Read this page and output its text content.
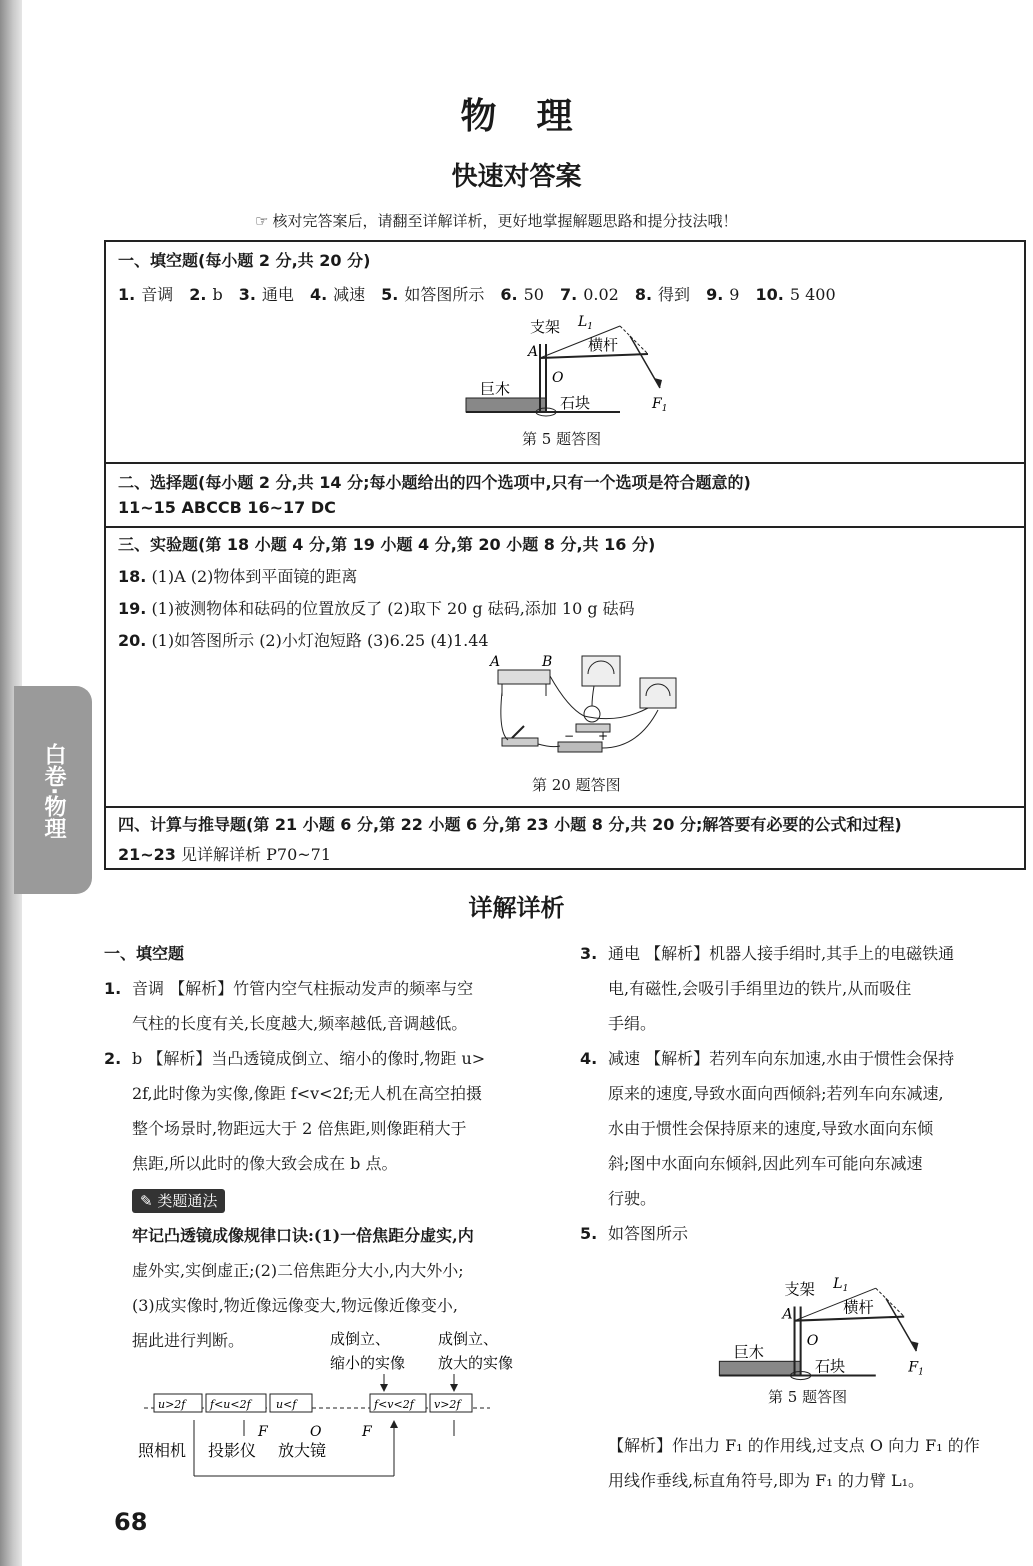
白卷·物理
物理
快速对答案
☞ 核对完答案后，请翻至详解详析，更好地掌握解题思路和提分技法哦！
一、填空题(每小题 2 分,共 20 分)
1. 音调 2. b 3. 通电 4. 减速 5. 如答图所示 6. 50 7. 0.02 8. 得到 9. 9 10. 5 400
支架 $L_1$
A	横杆
O
巨木
石块	$F_1$
第 5 题答图
二、选择题(每小题 2 分,共 14 分;每小题给出的四个选项中,只有一个选项是符合题意的)
11~15 ABCCB 16~17 DC
三、实验题(第 18 小题 4 分,第 19 小题 4 分,第 20 小题 8 分,共 16 分)
18. (1)A (2)物体到平面镜的距离
19. (1)被测物体和砝码的位置放反了 (2)取下 20 g 砝码,添加 10 g 砝码
20. (1)如答图所示 (2)小灯泡短路 (3)6.25 (4)1.44
A	B
− +
第 20 题答图
四、计算与推导题(第 21 小题 6 分,第 22 小题 6 分,第 23 小题 8 分,共 20 分;解答要有必要的公式和过程)
21~23 见详解详析 P70~71
详解详析
一、填空题
1. 音调 【解析】竹管内空气柱振动发声的频率与空
气柱的长度有关,长度越大,频率越低,音调越低。
2. b 【解析】当凸透镜成倒立、缩小的像时,物距 u>
2f,此时像为实像,像距 f<v<2f;无人机在高空拍摄
整个场景时,物距远大于 2 倍焦距,则像距稍大于
焦距,所以此时的像大致会成在 b 点。
✎ 类题通法
牢记凸透镜成像规律口诀:(1)一倍焦距分虚实,内
虚外实,实倒虚正;(2)二倍焦距分大小,内大外小;
(3)成实像时,物近像远像变大,物远像近像变小,
据此进行判断。	成倒立、
缩小的实像
成倒立、
放大的实像
u>2f f<u<2f u<f	f<v<2f v>2f
F	O	F
照相机 投影仪 放大镜
3. 通电 【解析】机器人接手绢时,其手上的电磁铁通
电,有磁性,会吸引手绢里边的铁片,从而吸住
手绢。
4. 减速 【解析】若列车向东加速,水由于惯性会保持
原来的速度,导致水面向西倾斜;若列车向东减速,
水由于惯性会保持原来的速度,导致水面向东倾
斜;图中水面向东倾斜,因此列车可能向东减速
行驶。
5. 如答图所示
支架 $L_1$
A	横杆
O
巨木
石块	$F_1$
第 5 题答图
【解析】作出力 F₁ 的作用线,过支点 O 向力 F₁ 的作
用线作垂线,标直角符号,即为 F₁ 的力臂 L₁。
68
